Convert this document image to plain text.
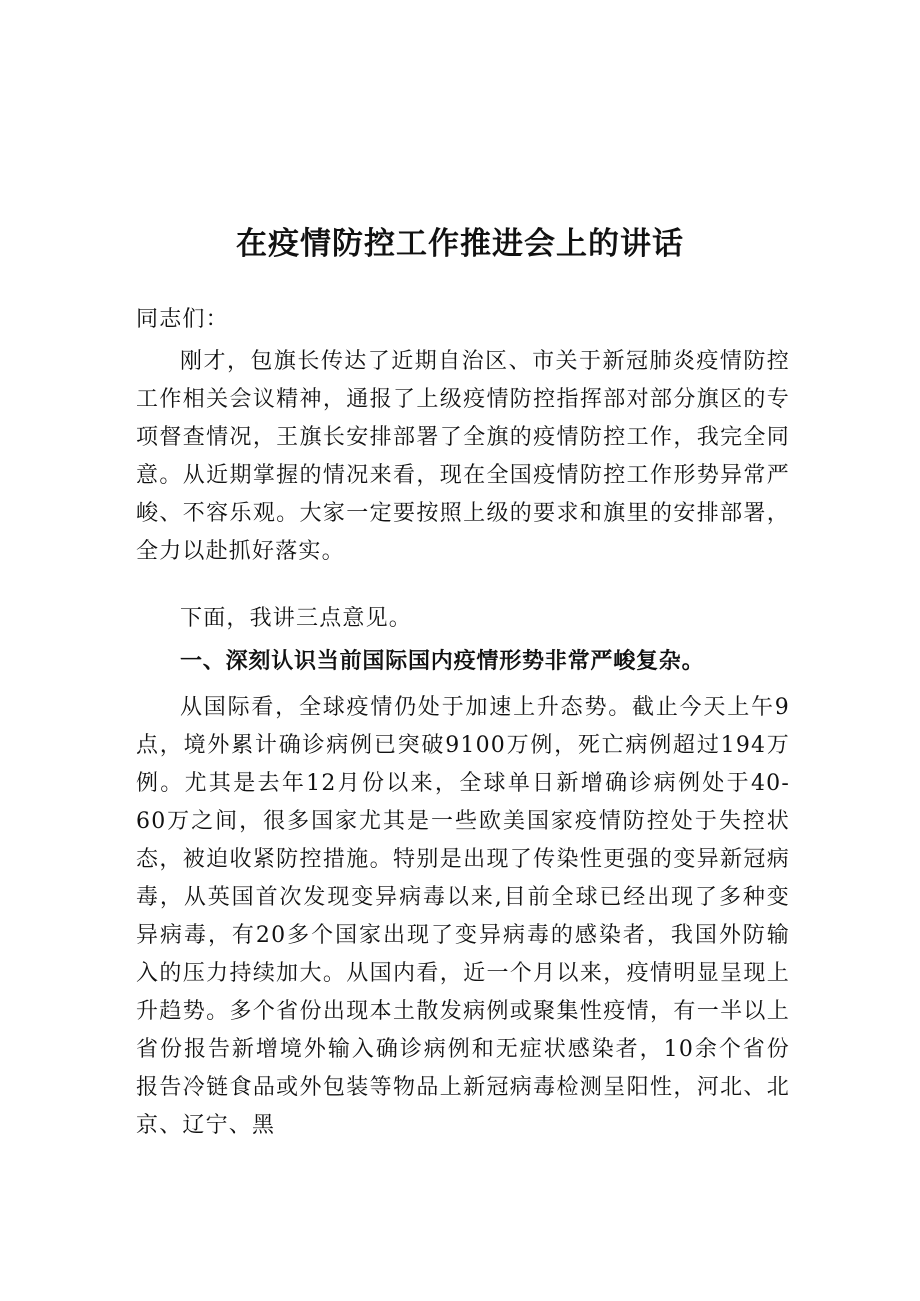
在疫情防控工作推进会上的讲话

同志们：

刚才，包旗长传达了近期自治区、市关于新冠肺炎疫情防控工作相关会议精神，通报了上级疫情防控指挥部对部分旗区的专项督查情况，王旗长安排部署了全旗的疫情防控工作，我完全同意。从近期掌握的情况来看，现在全国疫情防控工作形势异常严峻、不容乐观。大家一定要按照上级的要求和旗里的安排部署，全力以赴抓好落实。

下面，我讲三点意见。

一、深刻认识当前国际国内疫情形势非常严峻复杂。

从国际看，全球疫情仍处于加速上升态势。截止今天上午9点，境外累计确诊病例已突破9100万例，死亡病例超过194万例。尤其是去年12月份以来，全球单日新增确诊病例处于40-60万之间，很多国家尤其是一些欧美国家疫情防控处于失控状态，被迫收紧防控措施。特别是出现了传染性更强的变异新冠病毒，从英国首次发现变异病毒以来,目前全球已经出现了多种变异病毒，有20多个国家出现了变异病毒的感染者，我国外防输入的压力持续加大。从国内看，近一个月以来，疫情明显呈现上升趋势。多个省份出现本土散发病例或聚集性疫情，有一半以上省份报告新增境外输入确诊病例和无症状感染者，10余个省份报告冷链食品或外包装等物品上新冠病毒检测呈阳性，河北、北京、辽宁、黑
